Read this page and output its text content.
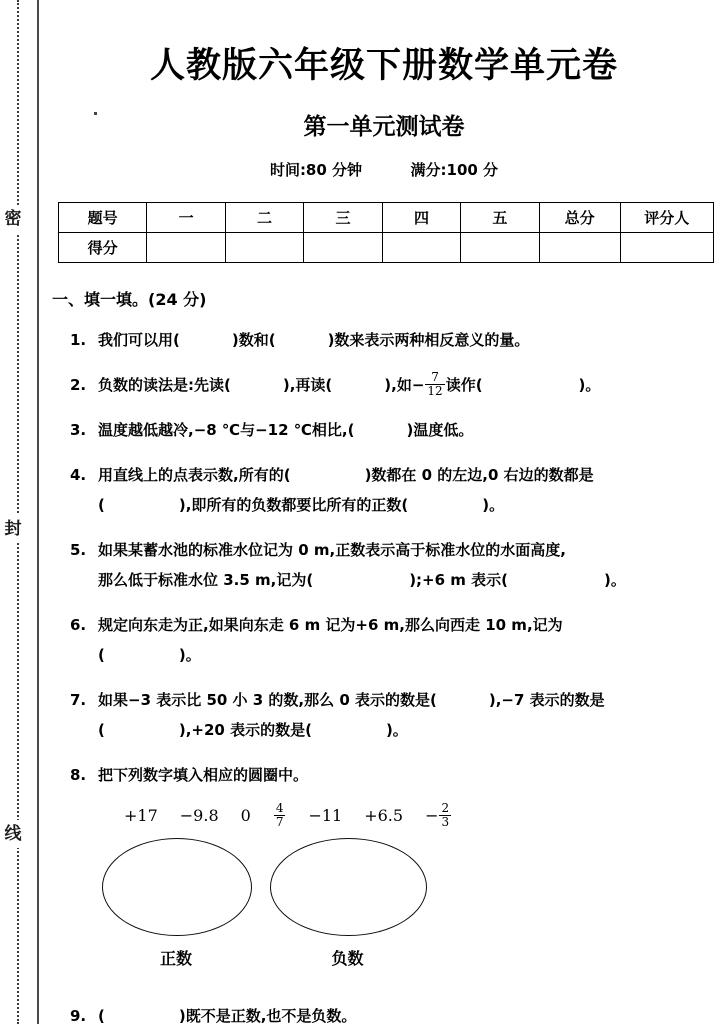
密
封
线
人教版六年级下册数学单元卷
第一单元测试卷
时间:80 分钟	满分:100 分
题号	一	二	三	四	五	总分	评分人
得分							
一、填一填。(24 分)
1. 我们可以用(	)数和(	)数来表示两种相反意义的量。
2. 负数的读法是:先读(	),再读(	),如− $\frac{7}{12}$ 读作(	)。
3. 温度越低越冷,−8 ℃与−12 ℃相比,(	)温度低。
4. 用直线上的点表示数,所有的(	)数都在 0 的左边,0 右边的数都是
(	),即所有的负数都要比所有的正数(	)。
5. 如果某蓄水池的标准水位记为 0 m,正数表示高于标准水位的水面高度,
那么低于标准水位 3.5 m,记为(	);+6 m 表示(	)。
6. 规定向东走为正,如果向东走 6 m 记为+6 m,那么向西走 10 m,记为
(	)。
7. 如果−3 表示比 50 小 3 的数,那么 0 表示的数是(	),−7 表示的数是
(	),+20 表示的数是(	)。
8. 把下列数字填入相应的圆圈中。
+17 −9.8 $0 \frac{4}{7} -11 +6.5 - \frac{2}{3}$
正数	负数
9. (	)既不是正数,也不是负数。
